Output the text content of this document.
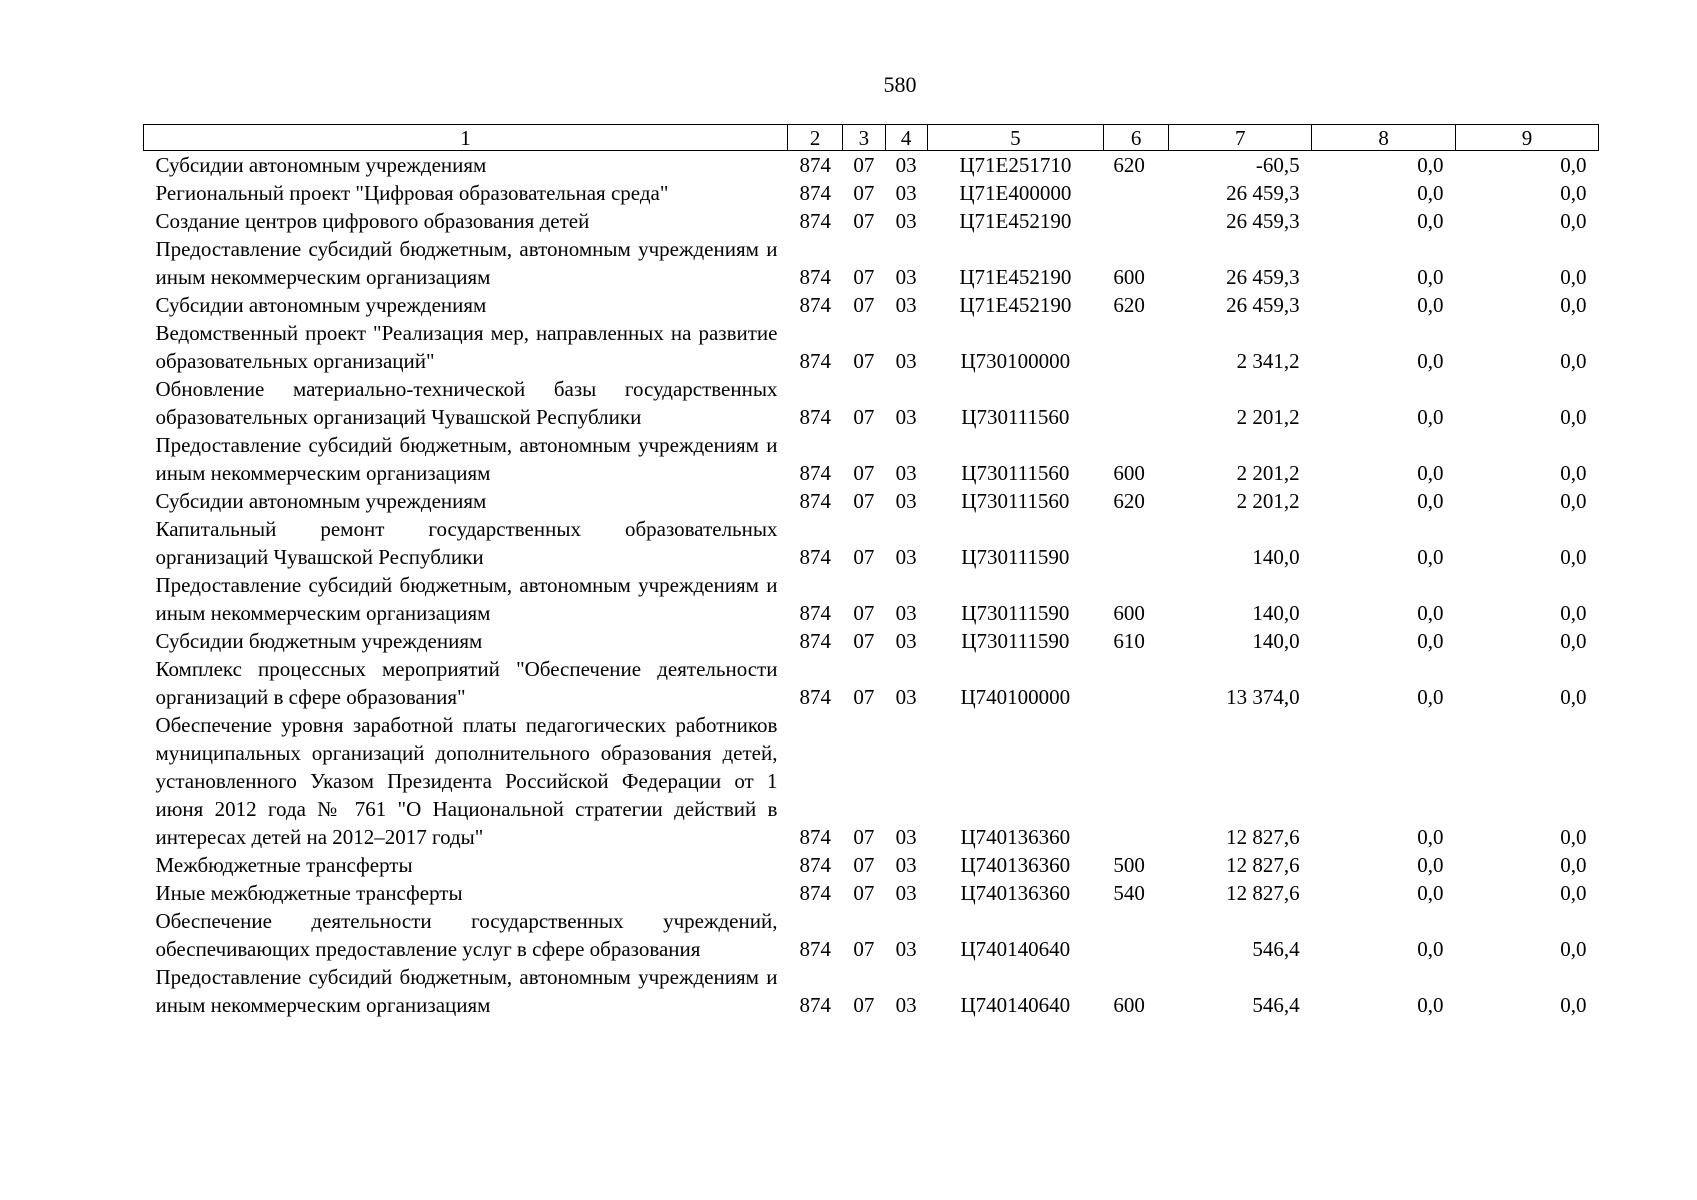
580
1	2	3	4	5	6	7	8	9
Субсидии автономным учреждениям	874	07	03	Ц71Е251710	620	-60,5	0,0	0,0
Региональный проект "Цифровая образовательная среда"	874	07	03	Ц71Е400000		26 459,3	0,0	0,0
Создание центров цифрового образования детей	874	07	03	Ц71Е452190		26 459,3	0,0	0,0
Предоставление субсидий бюджетным, автономным учреждениям и иным некоммерческим организациям	874	07	03	Ц71Е452190	600	26 459,3	0,0	0,0
Субсидии автономным учреждениям	874	07	03	Ц71Е452190	620	26 459,3	0,0	0,0
Ведомственный проект "Реализация мер, направленных на развитие образовательных организаций"	874	07	03	Ц730100000		2 341,2	0,0	0,0
Обновление материально-технической базы государственных образовательных организаций Чувашской Республики	874	07	03	Ц730111560		2 201,2	0,0	0,0
Предоставление субсидий бюджетным, автономным учреждениям и иным некоммерческим организациям	874	07	03	Ц730111560	600	2 201,2	0,0	0,0
Субсидии автономным учреждениям	874	07	03	Ц730111560	620	2 201,2	0,0	0,0
Капитальный ремонт государственных образовательных организаций Чувашской Республики	874	07	03	Ц730111590		140,0	0,0	0,0
Предоставление субсидий бюджетным, автономным учреждениям и иным некоммерческим организациям	874	07	03	Ц730111590	600	140,0	0,0	0,0
Субсидии бюджетным учреждениям	874	07	03	Ц730111590	610	140,0	0,0	0,0
Комплекс процессных мероприятий "Обеспечение деятельности организаций в сфере образования"	874	07	03	Ц740100000		13 374,0	0,0	0,0
Обеспечение уровня заработной платы педагогических работников муниципальных организаций дополнительного образования детей, установленного Указом Президента Российской Федерации от 1 июня 2012 года № 761 "О Национальной стратегии действий в интересах детей на 2012–2017 годы"	874	07	03	Ц740136360		12 827,6	0,0	0,0
Межбюджетные трансферты	874	07	03	Ц740136360	500	12 827,6	0,0	0,0
Иные межбюджетные трансферты	874	07	03	Ц740136360	540	12 827,6	0,0	0,0
Обеспечение деятельности государственных учреждений, обеспечивающих предоставление услуг в сфере образования	874	07	03	Ц740140640		546,4	0,0	0,0
Предоставление субсидий бюджетным, автономным учреждениям и иным некоммерческим организациям	874	07	03	Ц740140640	600	546,4	0,0	0,0
